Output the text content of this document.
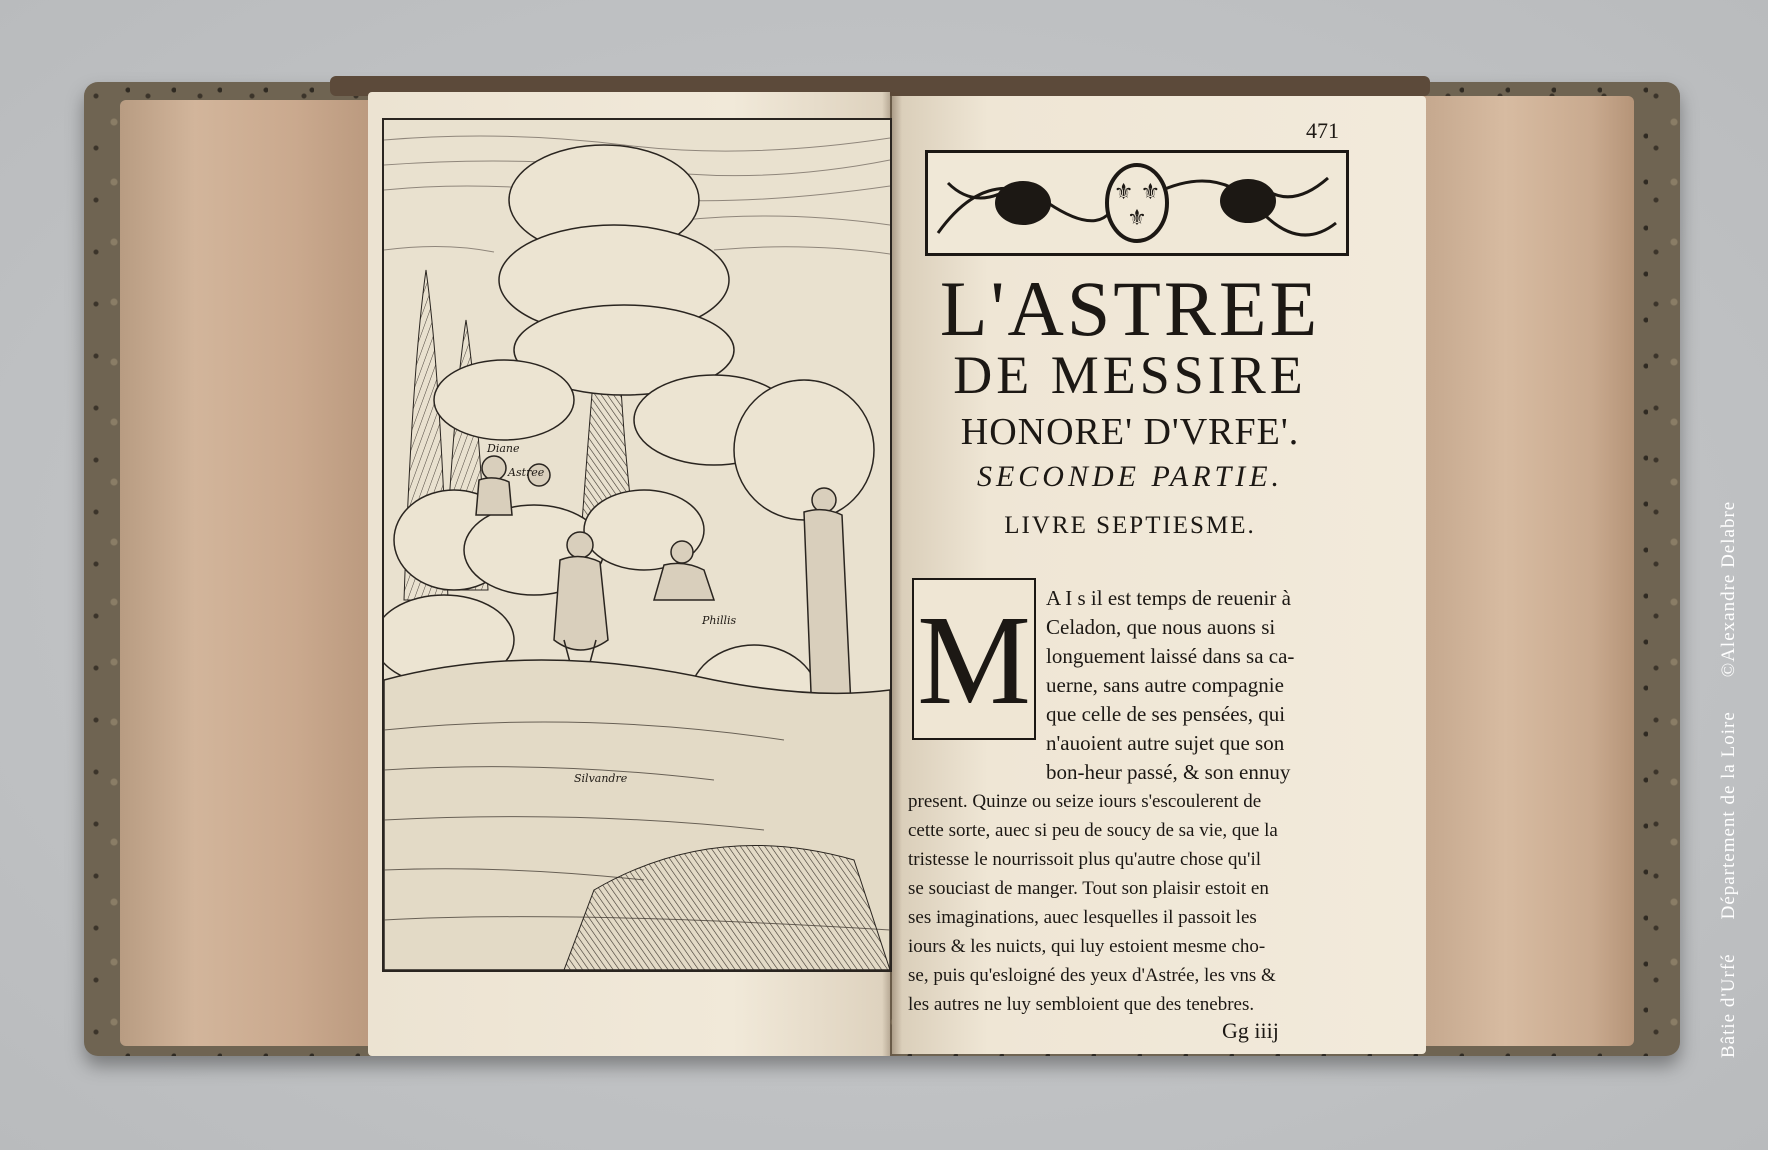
Diane
Astree
Phillis
Silvandre
471
⚜ ⚜
⚜
L'ASTREE
DE MESSIRE
HONORE' D'VRFE'.
SECONDE PARTIE.
LIVRE SEPTIESME.
M A I s il est temps de reuenir à
Celadon, que nous auons si
longuement laissé dans sa ca-
uerne, sans autre compagnie
que celle de ses pensées, qui
n'auoient autre sujet que son
bon-heur passé, & son ennuy
present. Quinze ou seize iours s'escoulerent de
cette sorte, auec si peu de soucy de sa vie, que la
tristesse le nourrissoit plus qu'autre chose qu'il
se souciast de manger. Tout son plaisir estoit en
ses imaginations, auec lesquelles il passoit les
iours & les nuicts, qui luy estoient mesme cho-
se, puis qu'esloigné des yeux d'Astrée, les vns &
les autres ne luy sembloient que des tenebres.
Gg iiij	Bâtie d'Urfé
Département de la Loire
©Alexandre Delabre
